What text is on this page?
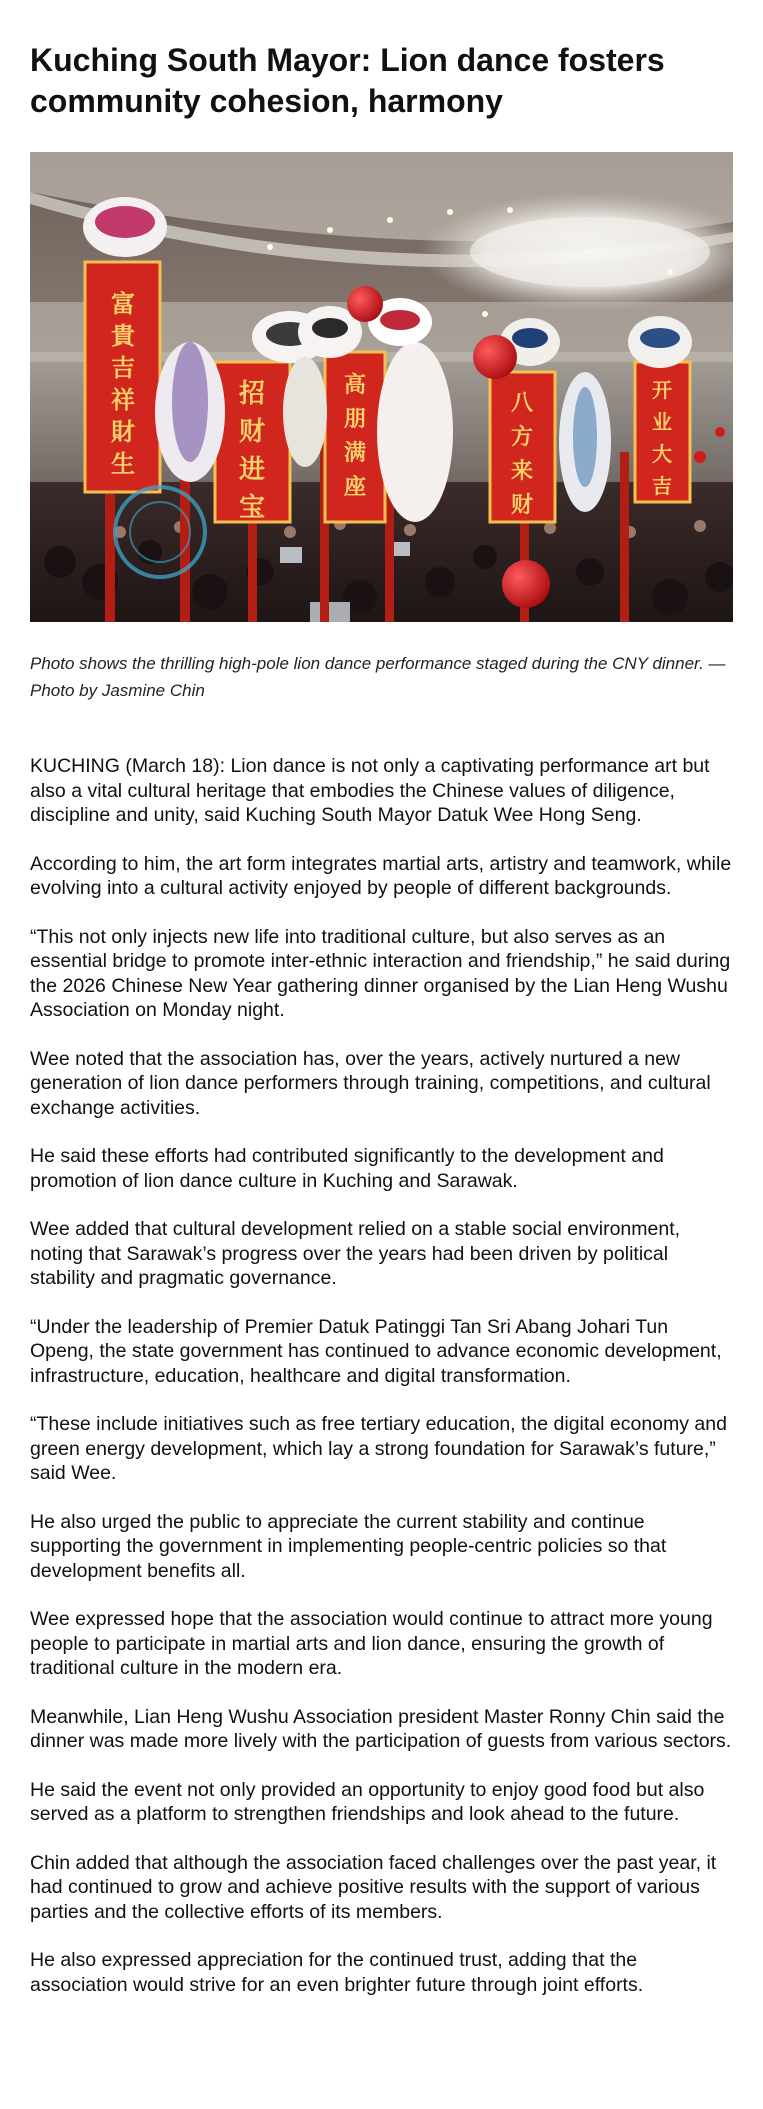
Kuching South Mayor: Lion dance fosters community cohesion, harmony
富
貴
吉
祥
財
生
招
财
进
宝
高
朋
满
座
八
方
来
财
开
业
大
吉

Photo shows the thrilling high-pole lion dance performance staged during the CNY dinner. — Photo by Jasmine Chin

KUCHING (March 18): Lion dance is not only a captivating performance art but also a vital cultural heritage that embodies the Chinese values of diligence, discipline and unity, said Kuching South Mayor Datuk Wee Hong Seng.

According to him, the art form integrates martial arts, artistry and teamwork, while evolving into a cultural activity enjoyed by people of different backgrounds.

“This not only injects new life into traditional culture, but also serves as an essential bridge to promote inter-ethnic interaction and friendship,” he said during the 2026 Chinese New Year gathering dinner organised by the Lian Heng Wushu Association on Monday night.

Wee noted that the association has, over the years, actively nurtured a new generation of lion dance performers through training, competitions, and cultural exchange activities.

He said these efforts had contributed significantly to the development and promotion of lion dance culture in Kuching and Sarawak.

Wee added that cultural development relied on a stable social environment, noting that Sarawak’s progress over the years had been driven by political stability and pragmatic governance.

“Under the leadership of Premier Datuk Patinggi Tan Sri Abang Johari Tun Openg, the state government has continued to advance economic development, infrastructure, education, healthcare and digital transformation.

“These include initiatives such as free tertiary education, the digital economy and green energy development, which lay a strong foundation for Sarawak’s future,” said Wee.

He also urged the public to appreciate the current stability and continue supporting the government in implementing people-centric policies so that development benefits all.

Wee expressed hope that the association would continue to attract more young people to participate in martial arts and lion dance, ensuring the growth of traditional culture in the modern era.

Meanwhile, Lian Heng Wushu Association president Master Ronny Chin said the dinner was made more lively with the participation of guests from various sectors.

He said the event not only provided an opportunity to enjoy good food but also served as a platform to strengthen friendships and look ahead to the future.

Chin added that although the association faced challenges over the past year, it had continued to grow and achieve positive results with the support of various parties and the collective efforts of its members.

He also expressed appreciation for the continued trust, adding that the association would strive for an even brighter future through joint efforts.
